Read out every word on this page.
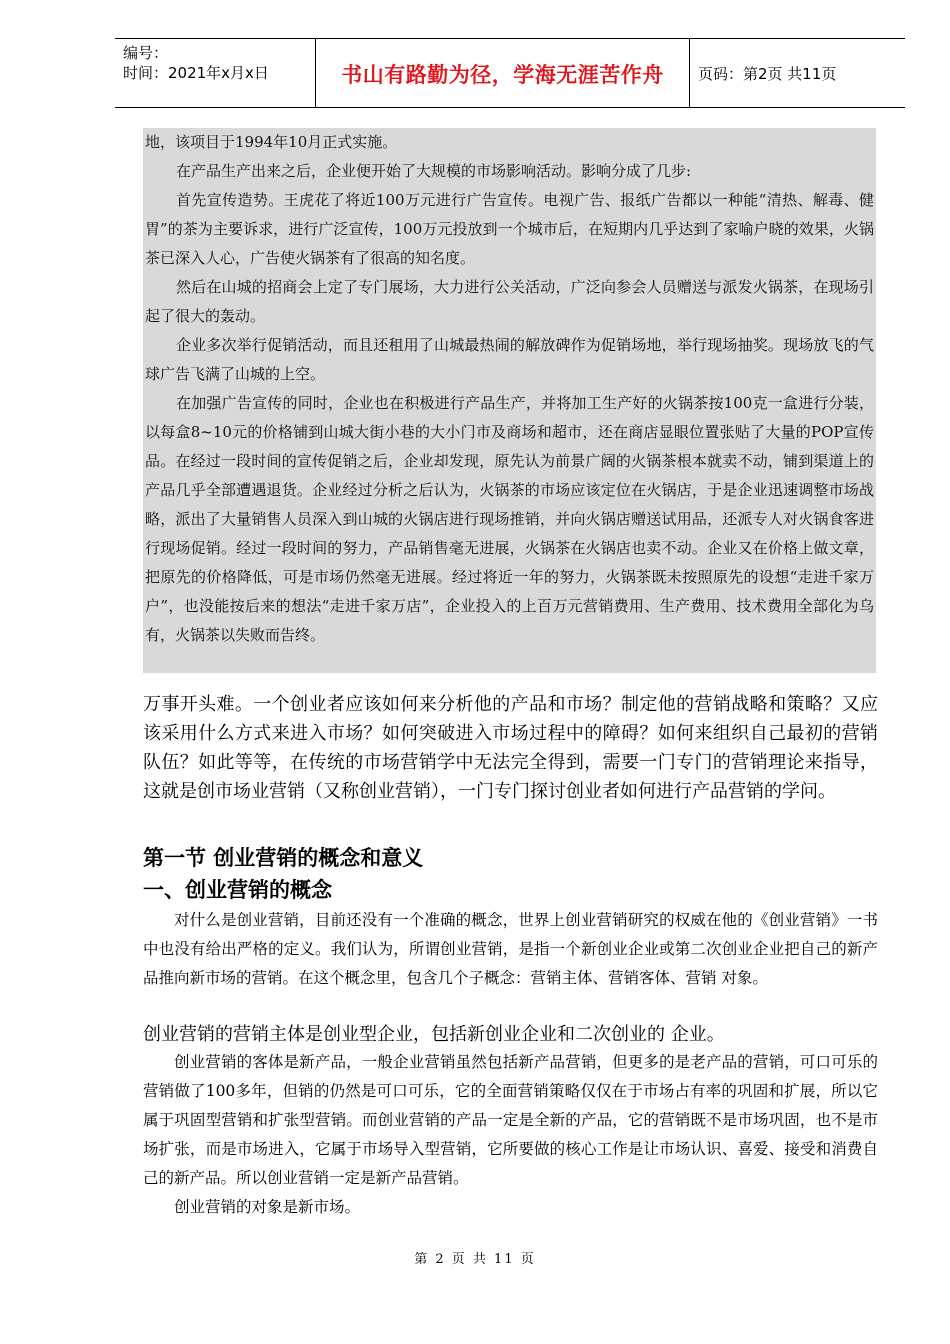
编号：
时间：2021年x月x日	书山有路勤为径，学海无涯苦作舟	页码：第2页 共11页

地，该项目于1994年10月正式实施。

在产品生产出来之后，企业便开始了大规模的市场影响活动。影响分成了几步:

首先宣传造势。王虎花了将近100万元进行广告宣传。电视广告、报纸广告都以一种能“清热、解毒、健胃”的茶为主要诉求，进行广泛宣传，100万元投放到一个城市后，在短期内几乎达到了家喻户晓的效果，火锅茶已深入人心，广告使火锅茶有了很高的知名度。

然后在山城的招商会上定了专门展场，大力进行公关活动，广泛向参会人员赠送与派发火锅茶，在现场引起了很大的轰动。

企业多次举行促销活动，而且还租用了山城最热闹的解放碑作为促销场地，举行现场抽奖。现场放飞的气球广告飞满了山城的上空。

在加强广告宣传的同时，企业也在积极进行产品生产，并将加工生产好的火锅茶按100克一盒进行分装，以每盒8~10元的价格铺到山城大街小巷的大小门市及商场和超市，还在商店显眼位置张贴了大量的POP宣传品。在经过一段时间的宣传促销之后，企业却发现，原先认为前景广阔的火锅茶根本就卖不动，铺到渠道上的产品几乎全部遭遇退货。企业经过分析之后认为，火锅茶的市场应该定位在火锅店，于是企业迅速调整市场战略，派出了大量销售人员深入到山城的火锅店进行现场推销，并向火锅店赠送试用品，还派专人对火锅食客进行现场促销。经过一段时间的努力，产品销售毫无进展，火锅茶在火锅店也卖不动。企业又在价格上做文章，把原先的价格降低，可是市场仍然毫无进展。经过将近一年的努力，火锅茶既未按照原先的设想“走进千家万户”，也没能按后来的想法“走进千家万店”，企业投入的上百万元营销费用、生产费用、技术费用全部化为乌有，火锅茶以失败而告终。

万事开头难。一个创业者应该如何来分析他的产品和市场？制定他的营销战略和策略？又应该采用什么方式来进入市场？如何突破进入市场过程中的障碍？如何来组织自己最初的营销队伍？如此等等，在传统的市场营销学中无法完全得到，需要一门专门的营销理论来指导，这就是创市场业营销（又称创业营销），一门专门探讨创业者如何进行产品营销的学问。
第一节 创业营销的概念和意义
一、创业营销的概念

对什么是创业营销，目前还没有一个准确的概念，世界上创业营销研究的权威在他的《创业营销》一书中也没有给出严格的定义。我们认为，所谓创业营销，是指一个新创业企业或第二次创业企业把自己的新产品推向新市场的营销。在这个概念里，包含几个子概念：营销主体、营销客体、营销 对象。

创业营销的营销主体是创业型企业，包括新创业企业和二次创业的 企业。

创业营销的客体是新产品，一般企业营销虽然包括新产品营销，但更多的是老产品的营销，可口可乐的营销做了100多年，但销的仍然是可口可乐，它的全面营销策略仅仅在于市场占有率的巩固和扩展，所以它属于巩固型营销和扩张型营销。而创业营销的产品一定是全新的产品，它的营销既不是市场巩固，也不是市场扩张，而是市场进入，它属于市场导入型营销，它所要做的核心工作是让市场认识、喜爱、接受和消费自己的新产品。所以创业营销一定是新产品营销。

创业营销的对象是新市场。

第 2 页 共 11 页
